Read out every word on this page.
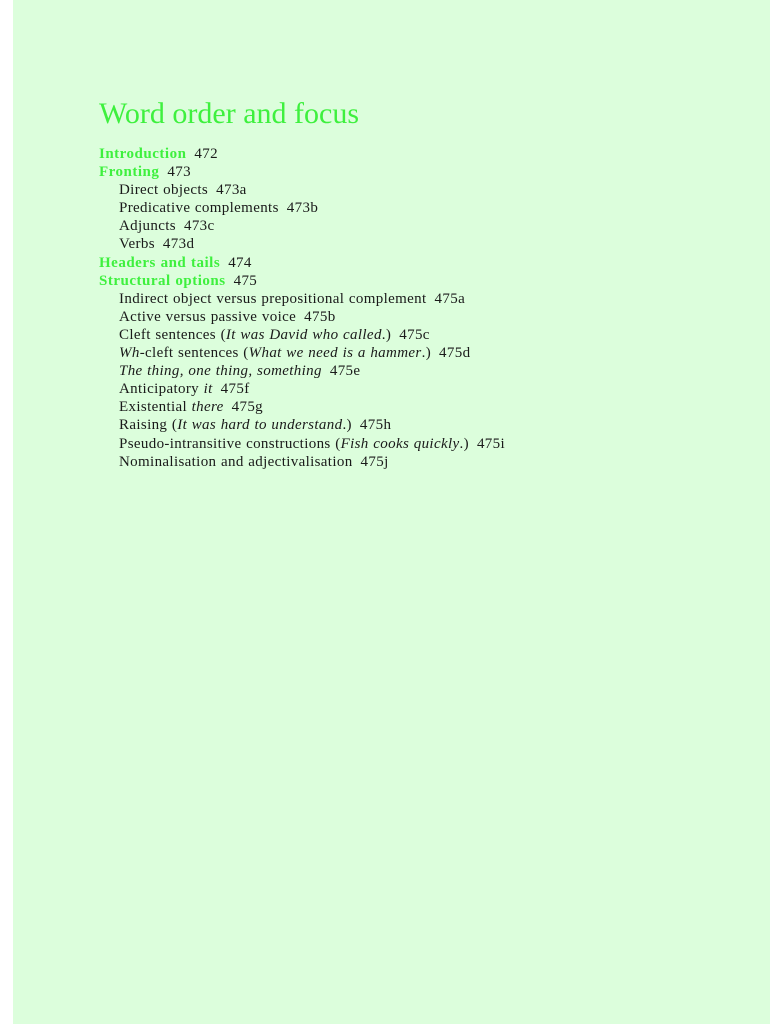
Word order and focus
Introduction 472
Fronting 473
Direct objects 473a
Predicative complements 473b
Adjuncts 473c
Verbs 473d
Headers and tails 474
Structural options 475
Indirect object versus prepositional complement 475a
Active versus passive voice 475b
Cleft sentences (It was David who called.) 475c
Wh-cleft sentences (What we need is a hammer.) 475d
The thing, one thing, something 475e
Anticipatory it 475f
Existential there 475g
Raising (It was hard to understand.) 475h
Pseudo-intransitive constructions (Fish cooks quickly.) 475i
Nominalisation and adjectivalisation 475j
